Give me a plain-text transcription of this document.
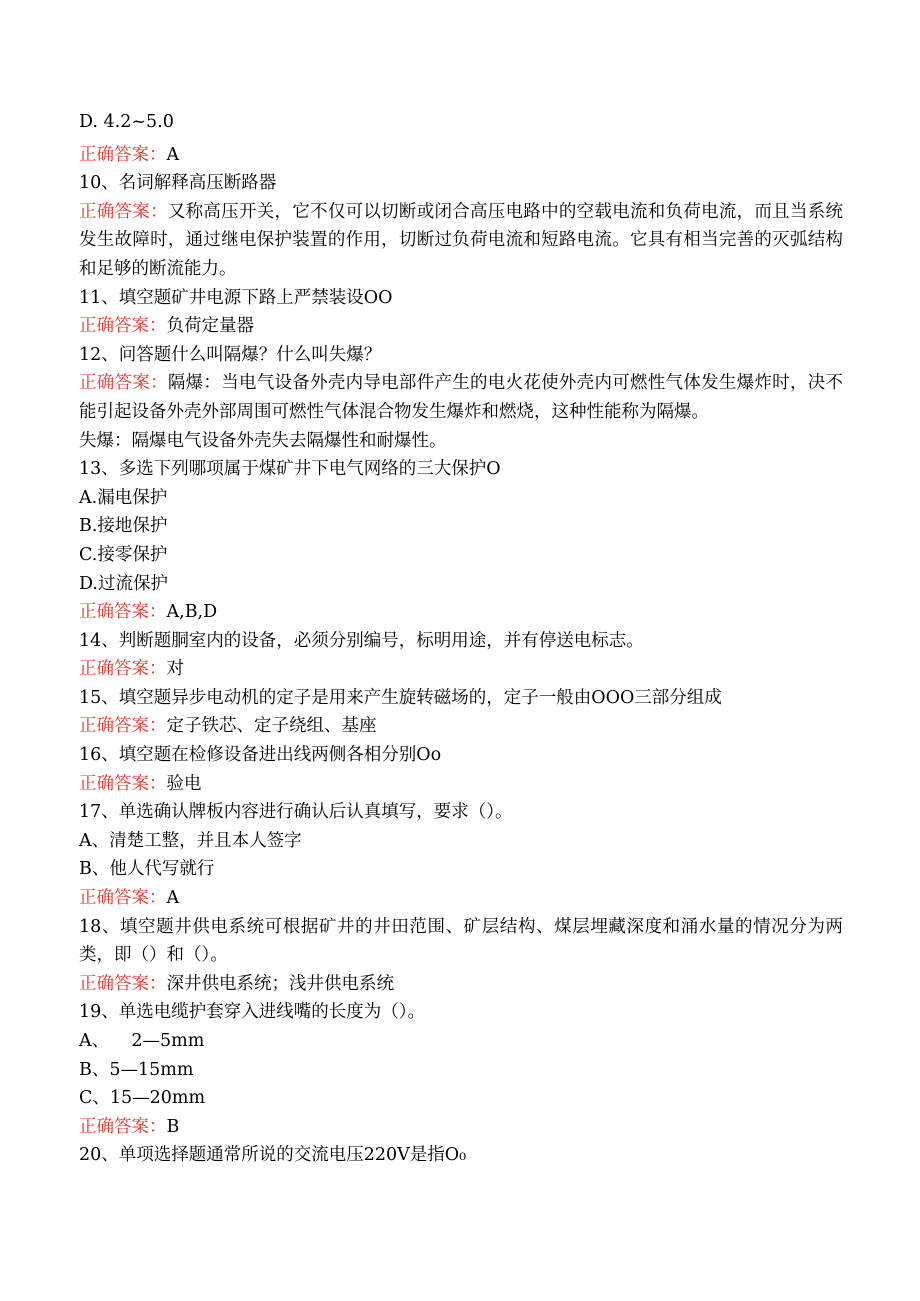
D. 4.2~5.0
正确答案：A
10、名词解释高压断路器
正确答案：又称高压开关，它不仅可以切断或闭合高压电路中的空载电流和负荷电流，而且当系统发生故障时，通过继电保护装置的作用，切断过负荷电流和短路电流。它具有相当完善的灭弧结构和足够的断流能力。
11、填空题矿井电源下路上严禁装设OO
正确答案：负荷定量器
12、问答题什么叫隔爆？什么叫失爆？
正确答案：隔爆：当电气设备外壳内导电部件产生的电火花使外壳内可燃性气体发生爆炸时，决不能引起设备外壳外部周围可燃性气体混合物发生爆炸和燃烧，这种性能称为隔爆。
失爆：隔爆电气设备外壳失去隔爆性和耐爆性。
13、多选下列哪项属于煤矿井下电气网络的三大保护O
A.漏电保护
B.接地保护
C.接零保护
D.过流保护
正确答案：A,B,D
14、判断题胴室内的设备，必须分别编号，标明用途，并有停送电标志。
正确答案：对
15、填空题异步电动机的定子是用来产生旋转磁场的，定子一般由OOO三部分组成
正确答案：定子铁芯、定子绕组、基座
16、填空题在检修设备进出线两侧各相分别Oo
正确答案：验电
17、单选确认牌板内容进行确认后认真填写，要求（）。
A、清楚工整，并且本人签字
B、他人代写就行
正确答案：A
18、填空题井供电系统可根据矿井的井田范围、矿层结构、煤层埋藏深度和涌水量的情况分为两类，即（）和（）。
正确答案：深井供电系统；浅井供电系统
19、单选电缆护套穿入进线嘴的长度为（）。
A、    2—5mm
B、5—15mm
C、15—20mm
正确答案：B
20、单项选择题通常所说的交流电压220V是指O₀
